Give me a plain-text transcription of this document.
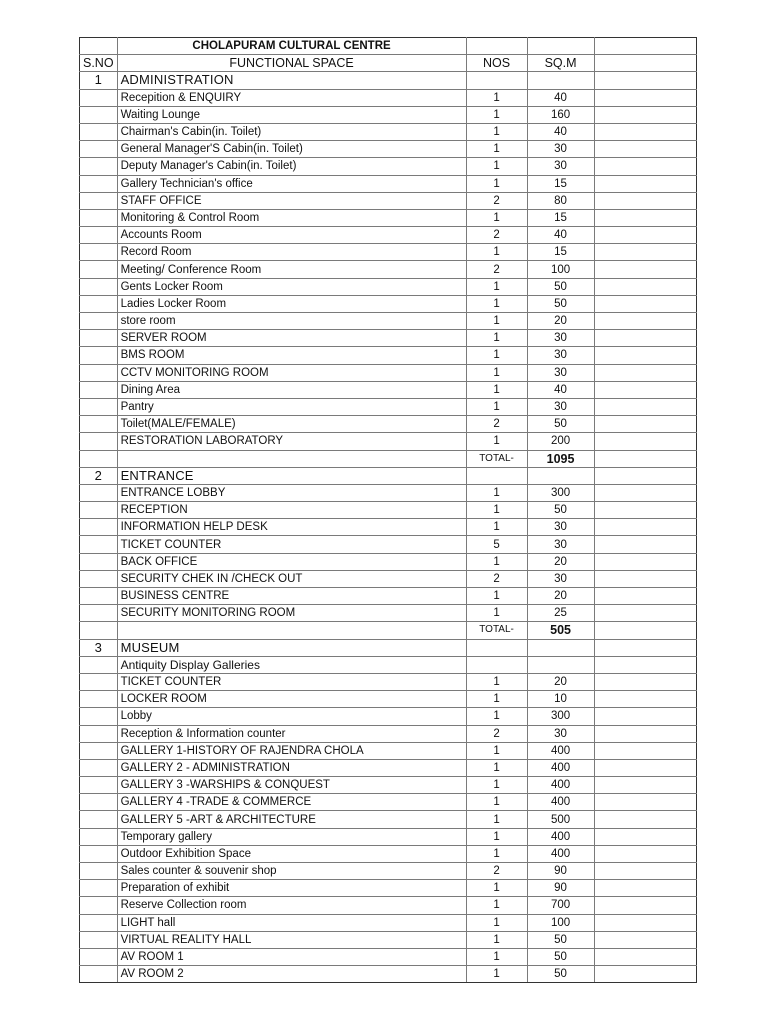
	CHOLAPURAM CULTURAL CENTRE			
S.NO	FUNCTIONAL SPACE	NOS	SQ.M	
1	ADMINISTRATION			
	Recepition & ENQUIRY	1	40	
	Waiting Lounge	1	160	
	Chairman's Cabin(in. Toilet)	1	40	
	General Manager'S Cabin(in. Toilet)	1	30	
	Deputy Manager's Cabin(in. Toilet)	1	30	
	Gallery Technician's office	1	15	
	STAFF OFFICE	2	80	
	Monitoring & Control Room	1	15	
	Accounts Room	2	40	
	Record Room	1	15	
	Meeting/ Conference Room	2	100	
	Gents Locker Room	1	50	
	Ladies Locker Room	1	50	
	store room	1	20	
	SERVER ROOM	1	30	
	BMS ROOM	1	30	
	CCTV MONITORING ROOM	1	30	
	Dining Area	1	40	
	Pantry	1	30	
	Toilet(MALE/FEMALE)	2	50	
	RESTORATION LABORATORY	1	200	
		TOTAL-	1095	
2	ENTRANCE			
	ENTRANCE LOBBY	1	300	
	RECEPTION	1	50	
	INFORMATION HELP DESK	1	30	
	TICKET COUNTER	5	30	
	BACK OFFICE	1	20	
	SECURITY CHEK IN /CHECK OUT	2	30	
	BUSINESS CENTRE	1	20	
	SECURITY MONITORING ROOM	1	25	
		TOTAL-	505	
3	MUSEUM			
	Antiquity Display Galleries			
	TICKET COUNTER	1	20	
	LOCKER ROOM	1	10	
	Lobby	1	300	
	Reception & Information counter	2	30	
	GALLERY 1-HISTORY OF RAJENDRA CHOLA	1	400	
	GALLERY 2 - ADMINISTRATION	1	400	
	GALLERY 3 -WARSHIPS & CONQUEST	1	400	
	GALLERY 4 -TRADE & COMMERCE	1	400	
	GALLERY 5 -ART & ARCHITECTURE	1	500	
	Temporary gallery	1	400	
	Outdoor Exhibition Space	1	400	
	Sales counter & souvenir shop	2	90	
	Preparation of exhibit	1	90	
	Reserve Collection room	1	700	
	LIGHT hall	1	100	
	VIRTUAL REALITY HALL	1	50	
	AV ROOM 1	1	50	
	AV ROOM 2	1	50	
